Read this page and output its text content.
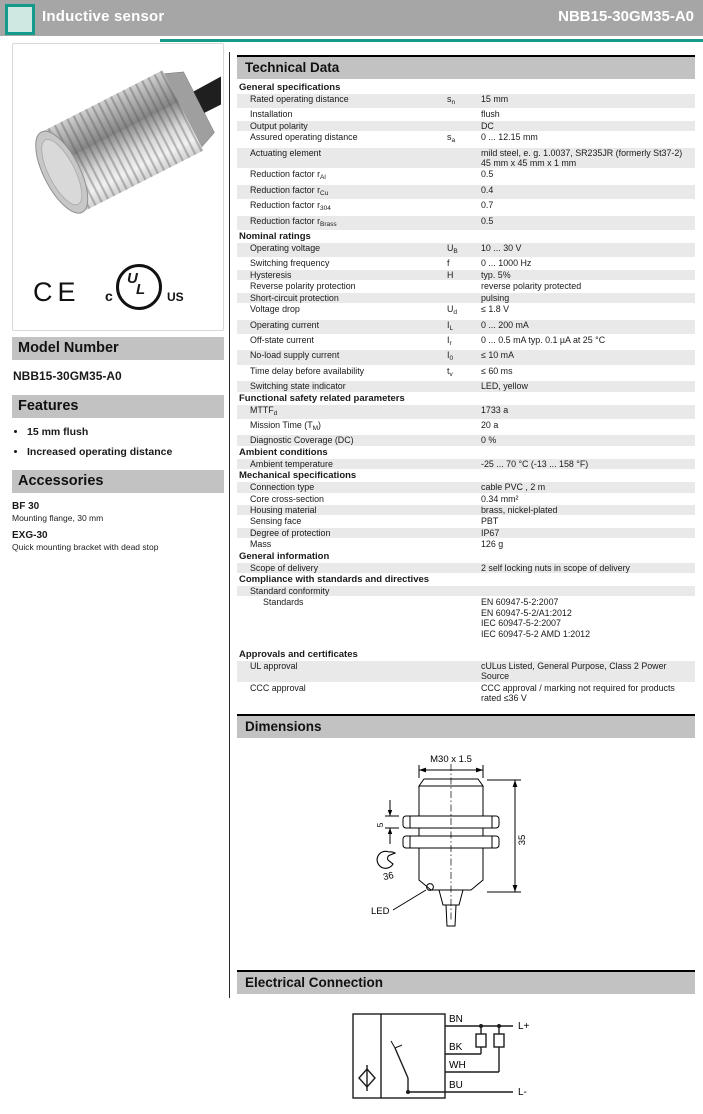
Inductive sensor	NBB15-30GM35-A0
CE c
U
L US
Model Number
NBB15-30GM35-A0
Features
• 15 mm flush
• Increased operating distance
Accessories
BF 30
Mounting flange, 30 mm
EXG-30
Quick mounting bracket with dead stop
Technical Data
General specifications
Rated operating distance	$s_n$	15 mm
Installation	flush
Output polarity	DC
Assured operating distance	$s_a$	0 ... 12.15 mm
Actuating element	mild steel, e. g. 1.0037, SR235JR (formerly St37-2)
45 mm x 45 mm x 1 mm
Reduction factor $r_{Al}$	0.5
Reduction factor $r_{Cu}$	0.4
Reduction factor $r_{304}$	0.7
Reduction factor $r_{Brass}$	0.5
Nominal ratings
Operating voltage	$U_B$	10 ... 30 V
Switching frequency	f	0 ... 1000 Hz
Hysteresis	H	typ. 5%
Reverse polarity protection	reverse polarity protected
Short-circuit protection	pulsing
Voltage drop	$U_d$	≤ 1.8 V
Operating current	$I_L$	0 ... 200 mA
Off-state current	$I_r$	0 ... 0.5 mA typ. 0.1 µA at 25 °C
No-load supply current	$I_0$	≤ 10 mA
Time delay before availability	$t_v$	≤ 60 ms
Switching state indicator	LED, yellow
Functional safety related parameters
$MTTF_d$	1733 a
Mission Time $(T_M)$	20 a
Diagnostic Coverage (DC)	0 %
Ambient conditions
Ambient temperature	-25 ... 70 °C (-13 ... 158 °F)
Mechanical specifications
Connection type	cable PVC , 2 m
Core cross-section	0.34 mm²
Housing material	brass, nickel-plated
Sensing face	PBT
Degree of protection	IP67
Mass	126 g
General information
Scope of delivery	2 self locking nuts in scope of delivery
Compliance with standards and directives
Standard conformity
Standards	EN 60947-5-2:2007
EN 60947-5-2/A1:2012
IEC 60947-5-2:2007
IEC 60947-5-2 AMD 1:2012
Approvals and certificates
UL approval	cULus Listed, General Purpose, Class 2 Power Source
CCC approval	CCC approval / marking not required for products rated ≤36 V
Dimensions
M30 x 1.5
35
5
36
LED
Electrical Connection
BN
BK
WH
BU
L+
L-
